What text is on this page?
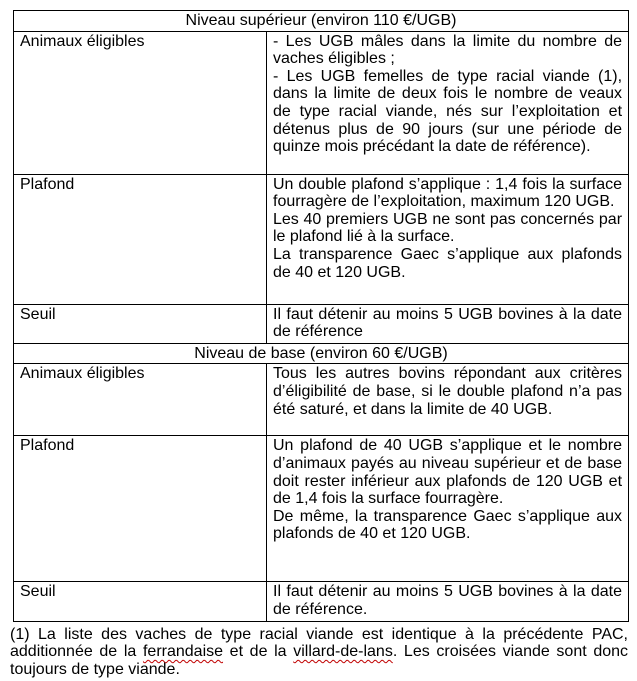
Niveau supérieur (environ 110 €/UGB)	
Animaux éligibles	- Les UGB mâles dans la limite du nombre de vaches éligibles ;

- Les UGB femelles de type racial viande (1), dans la limite de deux fois le nombre de veaux de type racial viande, nés sur l’exploitation et détenus plus de 90 jours (sur une période de quinze mois précédant la date de référence).

Plafond	Un double plafond s’applique : 1,4 fois la surface fourragère de l’exploitation, maximum 120 UGB.

Les 40 premiers UGB ne sont pas concernés par le plafond lié à la surface.

La transparence Gaec s’applique aux plafonds de 40 et 120 UGB.

Seuil	Il faut détenir au moins 5 UGB bovines à la date de référence

Niveau de base (environ 60 €/UGB)	
Animaux éligibles	Tous les autres bovins répondant aux critères d’éligibilité de base, si le double plafond n’a pas été saturé, et dans la limite de 40 UGB.

Plafond	Un plafond de 40 UGB s’applique et le nombre d’animaux payés au niveau supérieur et de base doit rester inférieur aux plafonds de 120 UGB et de 1,4 fois la surface fourragère.

De même, la transparence Gaec s’applique aux plafonds de 40 et 120 UGB.

Seuil	Il faut détenir au moins 5 UGB bovines à la date de référence.

(1) La liste des vaches de type racial viande est identique à la précédente PAC, additionnée de la ferrandaise et de la villard-de-lans. Les croisées viande sont donc toujours de type viande.
